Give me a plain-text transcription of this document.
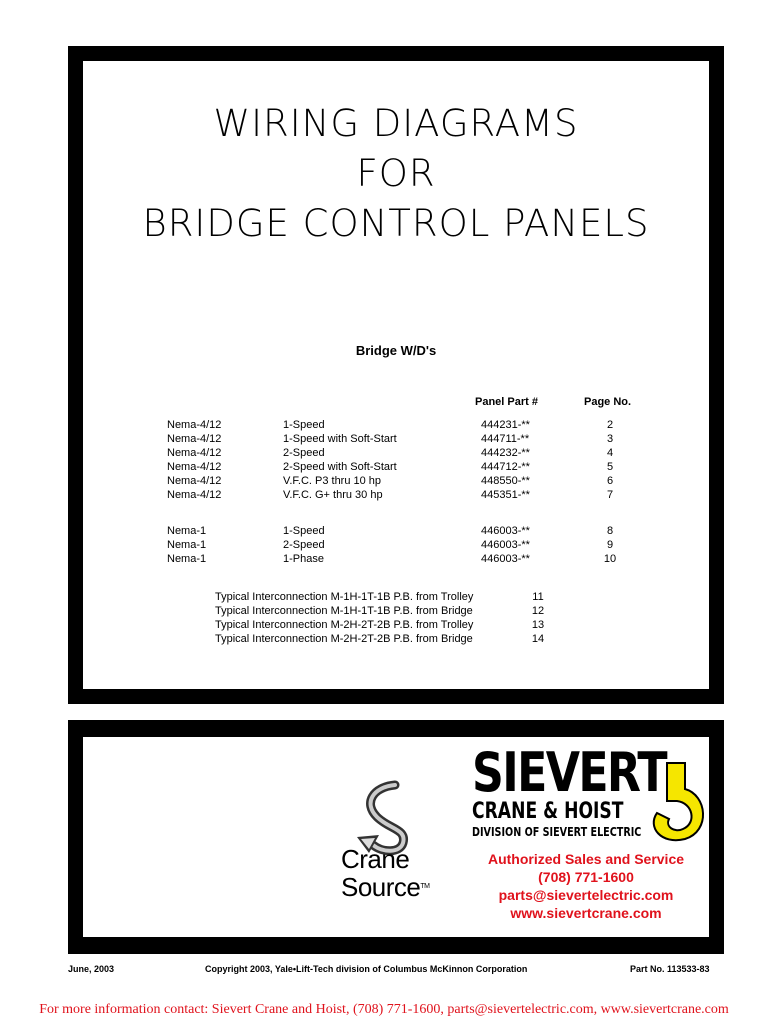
WIRING DIAGRAMS
FOR
BRIDGE CONTROL PANELS
Bridge W/D's
Panel Part #	Page No.
Nema-4/12	1-Speed	444231-**	2
Nema-4/12	1-Speed with Soft-Start	444711-**	3
Nema-4/12	2-Speed	444232-**	4
Nema-4/12	2-Speed with Soft-Start	444712-**	5
Nema-4/12	V.F.C. P3 thru 10 hp	448550-**	6
Nema-4/12	V.F.C. G+ thru 30 hp	445351-**	7
Nema-1	1-Speed	446003-**	8
Nema-1	2-Speed	446003-**	9
Nema-1	1-Phase	446003-**	10
Typical Interconnection M-1H-1T-1B P.B. from Trolley	11
Typical Interconnection M-1H-1T-1B P.B. from Bridge	12
Typical Interconnection M-2H-2T-2B P.B. from Trolley	13
Typical Interconnection M-2H-2T-2B P.B. from Bridge	14
Crane
Source™
SIEVERT
CRANE & HOIST
DIVISION OF SIEVERT ELECTRIC
Authorized Sales and Service
(708) 771-1600
parts@sievertelectric.com
www.sievertcrane.com
June, 2003	Copyright 2003, Yale•Lift-Tech division of Columbus McKinnon Corporation	Part No. 113533-83
For more information contact: Sievert Crane and Hoist, (708) 771-1600, parts@sievertelectric.com, www.sievertcrane.com
